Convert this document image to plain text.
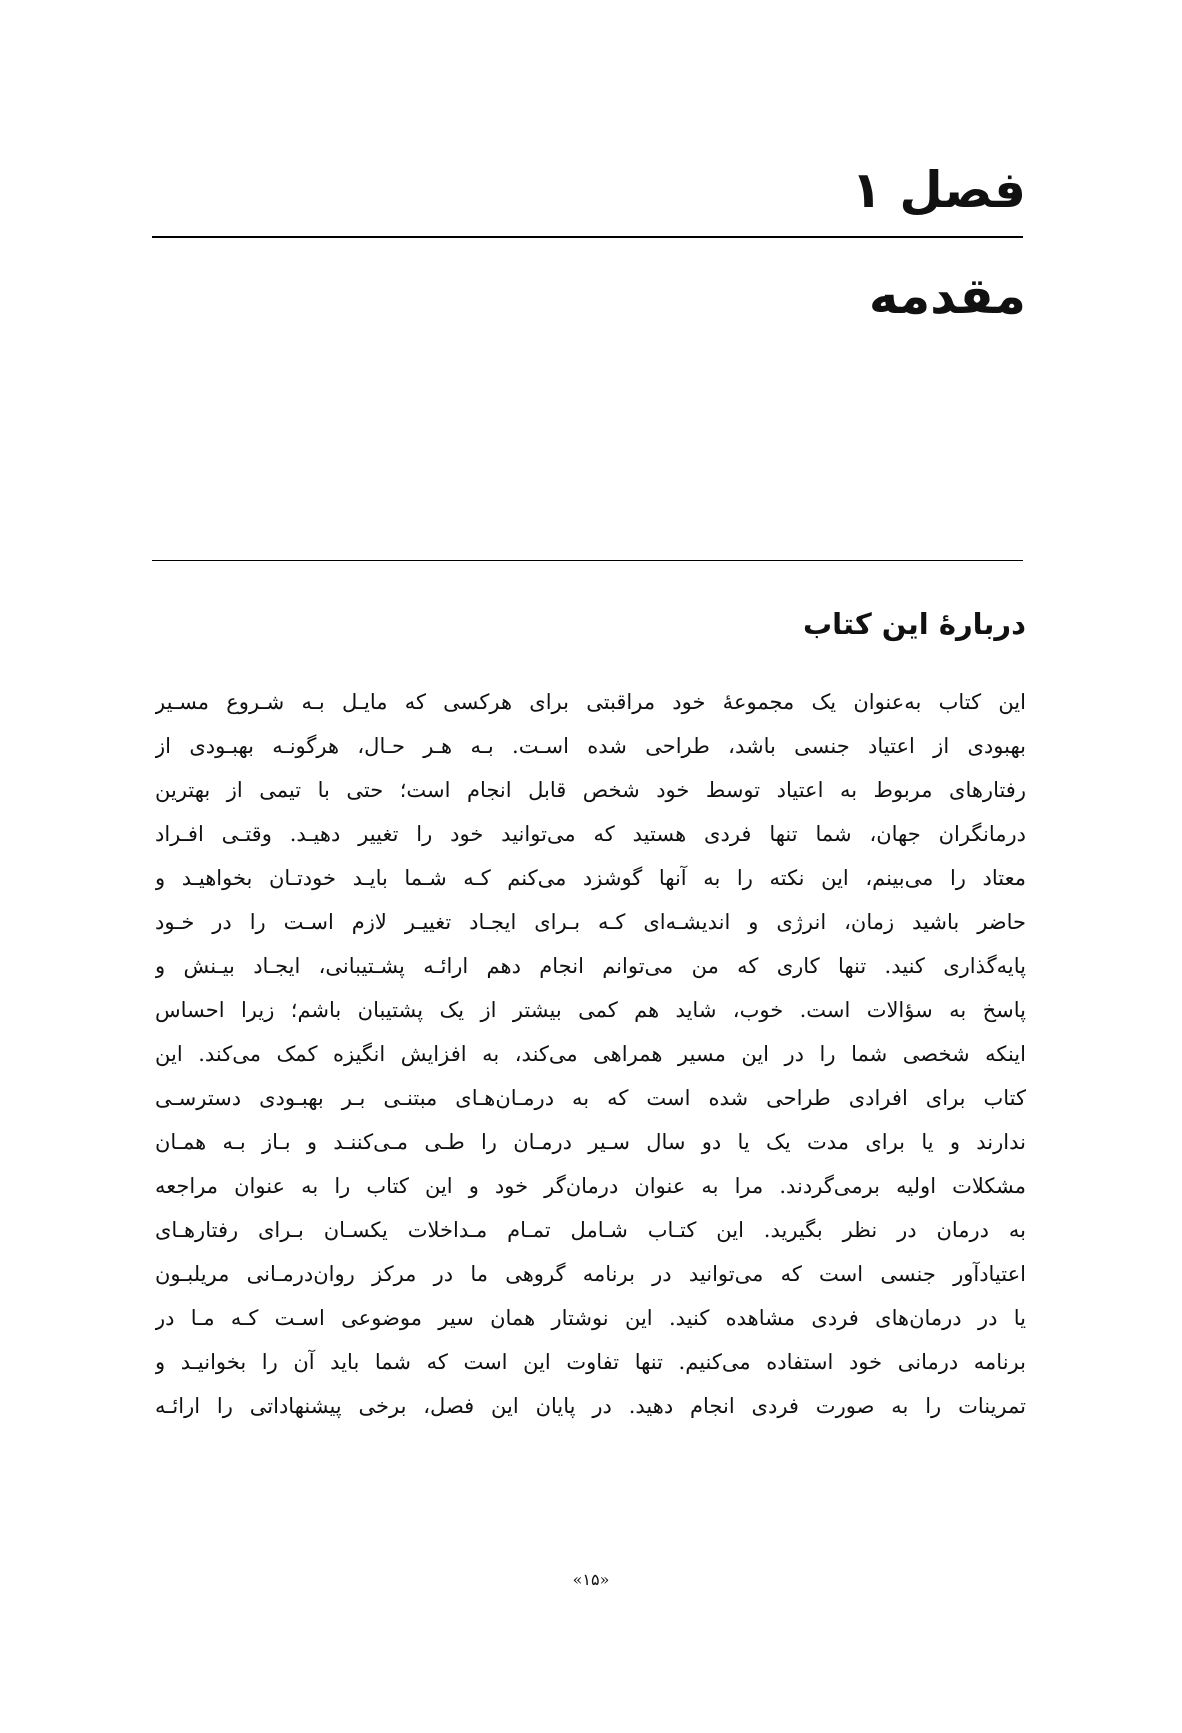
فصل ۱
مقدمه
دربارۀ این کتاب
این کتاب به‌عنوان یک مجموعۀ خود مراقبتی برای هرکسی که مایـل بـه شـروع مسـیر
بهبودی از اعتیاد جنسی باشد، طراحی شده اسـت. بـه هـر حـال، هرگونـه بهبـودی از
رفتارهای مربوط به اعتیاد توسط خود شخص قابل انجام است؛ حتی با تیمی از بهترین
درمانگران جهان، شما تنها فردی هستید که می‌توانید خود را تغییر دهیـد. وقتـی افـراد
معتاد را می‌بینم، این نکته را به آنها گوشزد می‌کنم کـه شـما بایـد خودتـان بخواهیـد و
حاضر باشید زمان، انرژی و اندیشـه‌ای کـه بـرای ایجـاد تغییـر لازم اسـت را در خـود
پایه‌گذاری کنید. تنها کاری که من می‌توانم انجام دهم ارائـه پشـتیبانی، ایجـاد بیـنش و
پاسخ به سؤالات است. خوب، شاید هم کمی بیشتر از یک پشتیبان باشم؛ زیرا احساس
اینکه شخصی شما را در این مسیر همراهی می‌کند، به افزایش انگیزه کمک می‌کند. این
کتاب برای افرادی طراحی شده است که به درمـان‌هـای مبتنـی بـر بهبـودی دسترسـی
ندارند و یا برای مدت یک یا دو سال سـیر درمـان را طـی مـی‌کننـد و بـاز بـه همـان
مشکلات اولیه برمی‌گردند. مرا به عنوان درمان‌گر خود و این کتاب را به عنوان مراجعه
به درمان در نظر بگیرید. این کتـاب شـامل تمـام مـداخلات یکسـان بـرای رفتارهـای
اعتیادآور جنسی است که می‌توانید در برنامه گروهی ما در مرکز روان‌درمـانی مریلبـون
یا در درمان‌های فردی مشاهده کنید. این نوشتار همان سیر موضوعی اسـت کـه مـا در
برنامه درمانی خود استفاده می‌کنیم. تنها تفاوت این است که شما باید آن را بخوانیـد و
تمرینات را به صورت فردی انجام دهید. در پایان این فصل، برخی پیشنهاداتی را ارائـه
«۱۵»
